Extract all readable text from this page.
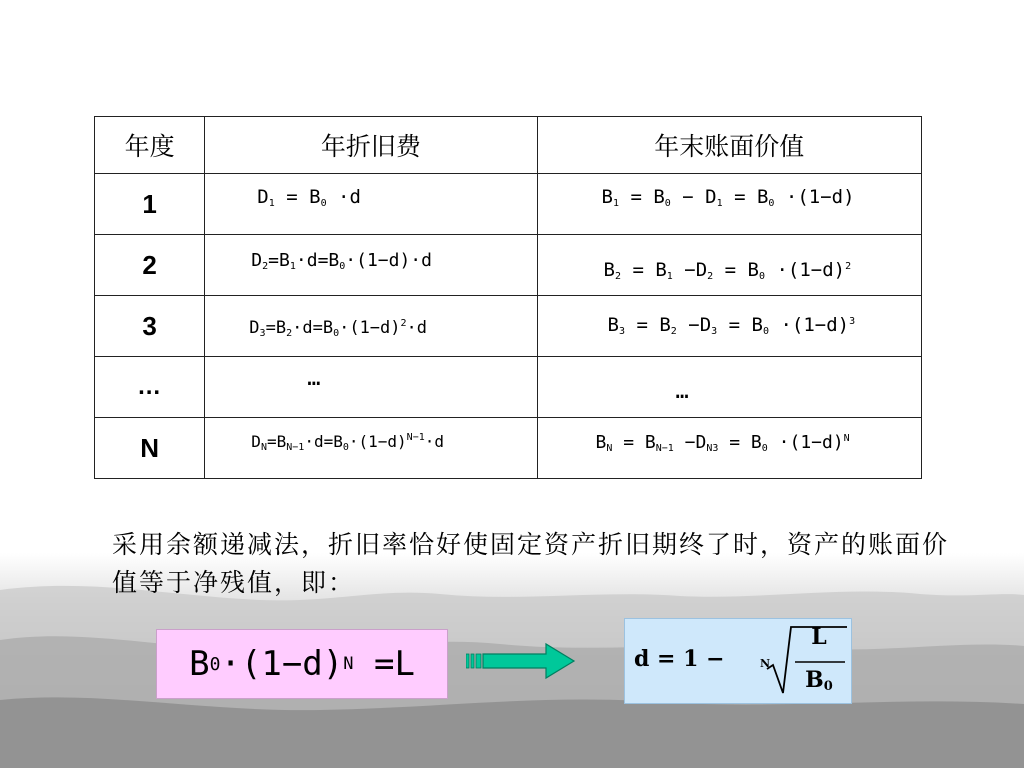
年度	年折旧费	年末账面价值

1	$D_1 = B_0 \cdot d$	$B_1 = B_0 - D_1 = B_0 \cdot(1-d)$

2	$D_2=B_1\cdot d=B_0\cdot(1-d)\cdot d$	$B_2 = B_1 -D_2 = B_0 \cdot(1-d)^2$

3	$D_3=B_2\cdot d=B_0\cdot(1-d)^2\cdot d$	$B_3 = B_2 -D_3 = B_0 \cdot(1-d)^3$

…	…	…

N	$D_N=B_{N-1}\cdot d=B_0\cdot(1-d)^{N-1}\cdot d$	$B_N = B_{N-1} -D_{N3} = B_0 \cdot(1-d)^N$
采用余额递减法，折旧率恰好使固定资产折旧期终了时，资产的账面价值等于净残值，即：
B 0 ·(1−d) N
=L	d = 1 −	N
L
$B_0$
